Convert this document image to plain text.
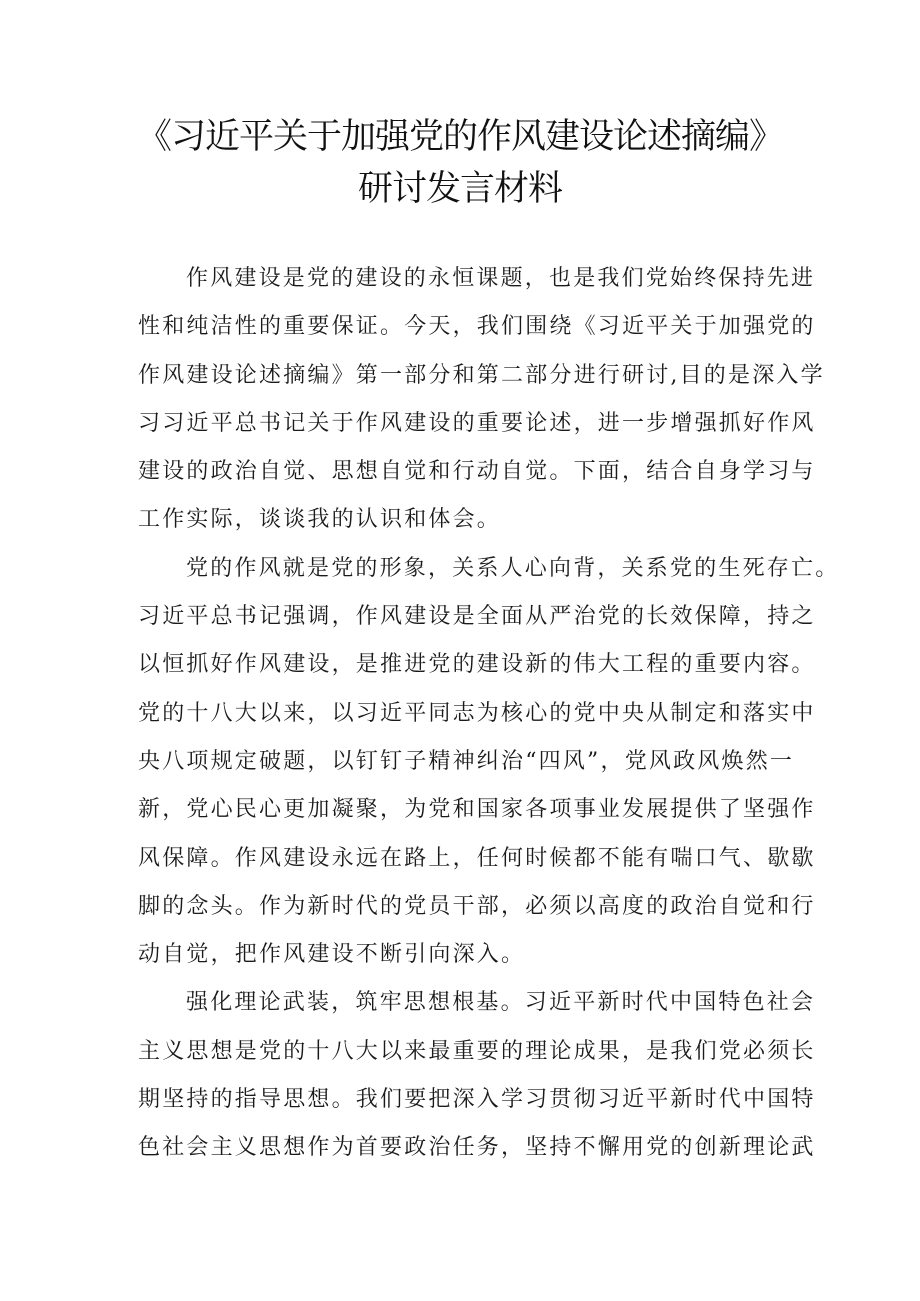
《习近平关于加强党的作风建设论述摘编》
研讨发言材料

作风建设是党的建设的永恒课题，也是我们党始终保持先进
性和纯洁性的重要保证。今天，我们围绕《习近平关于加强党的
作风建设论述摘编》第一部分和第二部分进行研讨,目的是深入学
习习近平总书记关于作风建设的重要论述，进一步增强抓好作风
建设的政治自觉、思想自觉和行动自觉。下面，结合自身学习与
工作实际，谈谈我的认识和体会。

党的作风就是党的形象，关系人心向背，关系党的生死存亡。
习近平总书记强调，作风建设是全面从严治党的长效保障，持之
以恒抓好作风建设，是推进党的建设新的伟大工程的重要内容。
党的十八大以来，以习近平同志为核心的党中央从制定和落实中
央八项规定破题，以钉钉子精神纠治“四风”，党风政风焕然一
新，党心民心更加凝聚，为党和国家各项事业发展提供了坚强作
风保障。作风建设永远在路上，任何时候都不能有喘口气、歇歇
脚的念头。作为新时代的党员干部，必须以高度的政治自觉和行
动自觉，把作风建设不断引向深入。

强化理论武装，筑牢思想根基。习近平新时代中国特色社会
主义思想是党的十八大以来最重要的理论成果，是我们党必须长
期坚持的指导思想。我们要把深入学习贯彻习近平新时代中国特
色社会主义思想作为首要政治任务，坚持不懈用党的创新理论武
